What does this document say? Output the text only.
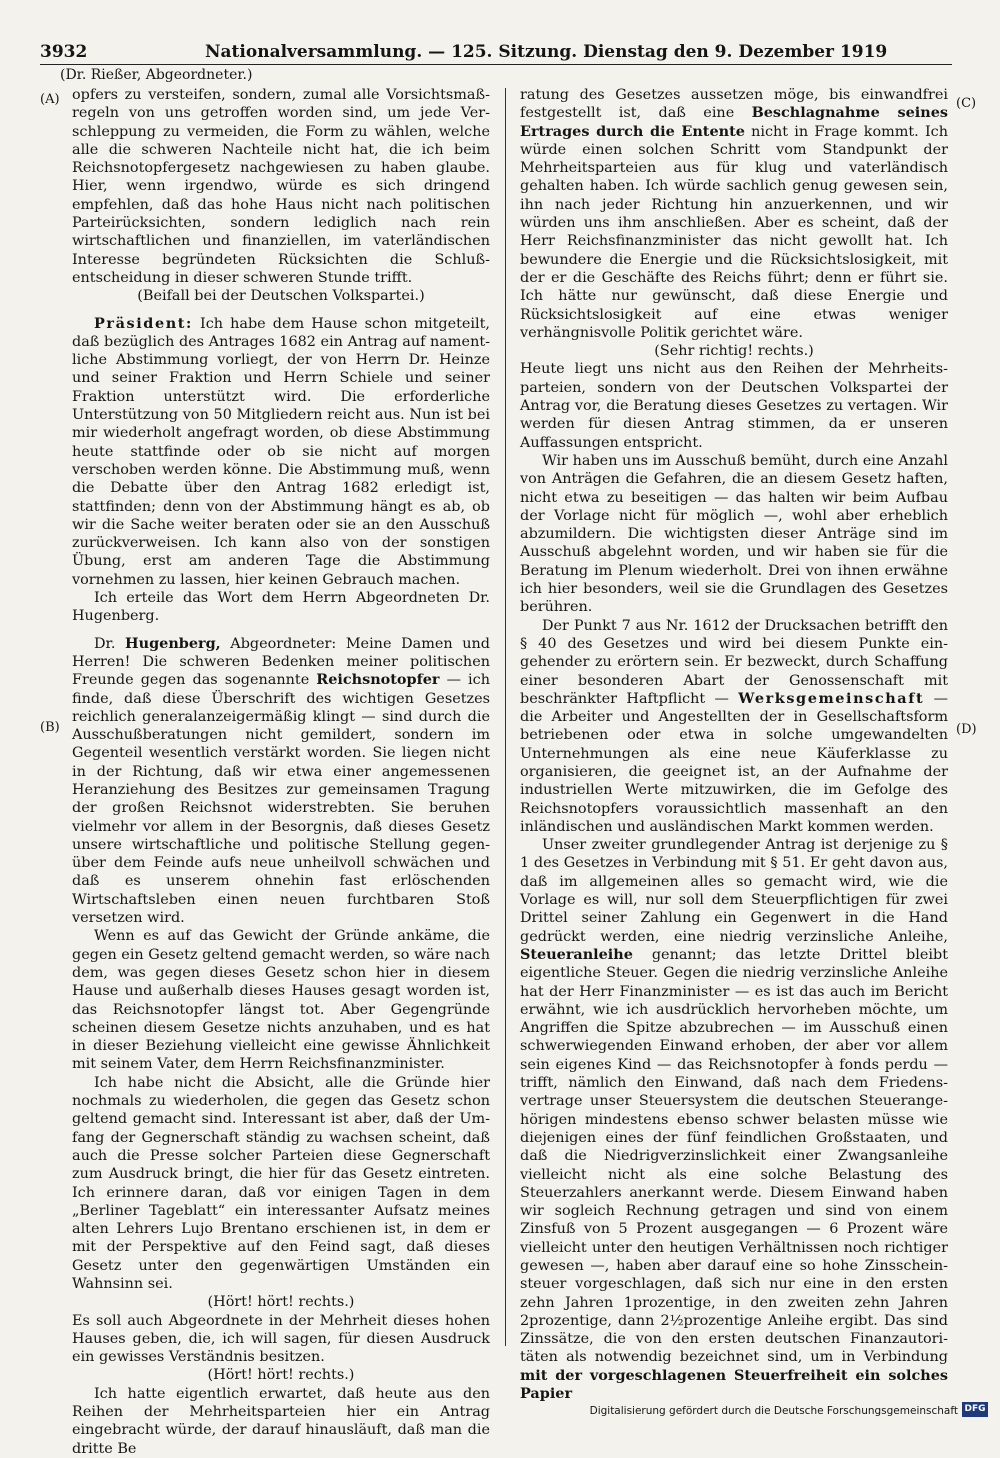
3932	Nationalversammlung. — 125. Sitzung. Dienstag den 9. Dezember 1919
(Dr. Rießer, Abgeordneter.)
(A)
(B)
(C)
(D)

opfers zu versteifen, sondern, zumal alle Vorsichtsmaßregeln von uns getroffen worden sind, um jede Verschleppung zu vermeiden, die Form zu wählen, welche alle die schweren Nachteile nicht hat, die ich beim Reichsnotopfergesetz nachgewiesen zu haben glaube. Hier, wenn irgendwo, würde es sich dringend empfehlen, daß das hohe Haus nicht nach politischen Parteirücksichten, sondern lediglich nach rein wirtschaftlichen und finanziellen, im vaterländischen Interesse begründeten Rücksichten die Schlußentscheidung in dieser schweren Stunde trifft.

(Beifall bei der Deutschen Volkspartei.)

Präsident: Ich habe dem Hause schon mitgeteilt, daß bezüglich des Antrages 1682 ein Antrag auf namentliche Abstimmung vorliegt, der von Herrn Dr. Heinze und seiner Fraktion und Herrn Schiele und seiner Fraktion unterstützt wird. Die erforderliche Unterstützung von 50 Mitgliedern reicht aus. Nun ist bei mir wiederholt angefragt worden, ob diese Abstimmung heute stattfinde oder ob sie nicht auf morgen verschoben werden könne. Die Abstimmung muß, wenn die Debatte über den Antrag 1682 erledigt ist, stattfinden; denn von der Abstimmung hängt es ab, ob wir die Sache weiter beraten oder sie an den Ausschuß zurückverweisen. Ich kann also von der sonstigen Übung, erst am anderen Tage die Abstimmung vornehmen zu lassen, hier keinen Gebrauch machen.

Ich erteile das Wort dem Herrn Abgeordneten Dr. Hugenberg.

Dr. Hugenberg, Abgeordneter: Meine Damen und Herren! Die schweren Bedenken meiner politischen Freunde gegen das sogenannte Reichsnotopfer — ich finde, daß diese Überschrift des wichtigen Gesetzes reichlich generalanzeigermäßig klingt — sind durch die Ausschußberatungen nicht gemildert, sondern im Gegenteil wesentlich verstärkt worden. Sie liegen nicht in der Richtung, daß wir etwa einer angemessenen Heranziehung des Besitzes zur gemeinsamen Tragung der großen Reichsnot widerstrebten. Sie beruhen vielmehr vor allem in der Besorgnis, daß dieses Gesetz unsere wirtschaftliche und politische Stellung gegenüber dem Feinde aufs neue unheilvoll schwächen und daß es unserem ohnehin fast erlöschenden Wirtschaftsleben einen neuen furchtbaren Stoß versetzen wird.

Wenn es auf das Gewicht der Gründe ankäme, die gegen ein Gesetz geltend gemacht werden, so wäre nach dem, was gegen dieses Gesetz schon hier in diesem Hause und außerhalb dieses Hauses gesagt worden ist, das Reichsnotopfer längst tot. Aber Gegengründe scheinen diesem Gesetze nichts anzuhaben, und es hat in dieser Beziehung vielleicht eine gewisse Ähnlichkeit mit seinem Vater, dem Herrn Reichsfinanzminister.

Ich habe nicht die Absicht, alle die Gründe hier nochmals zu wiederholen, die gegen das Gesetz schon geltend gemacht sind. Interessant ist aber, daß der Umfang der Gegnerschaft ständig zu wachsen scheint, daß auch die Presse solcher Parteien diese Gegnerschaft zum Ausdruck bringt, die hier für das Gesetz eintreten. Ich erinnere daran, daß vor einigen Tagen in dem „Berliner Tageblatt“ ein interessanter Aufsatz meines alten Lehrers Lujo Brentano erschienen ist, in dem er mit der Perspektive auf den Feind sagt, daß dieses Gesetz unter den gegenwärtigen Umständen ein Wahnsinn sei.

(Hört! hört! rechts.)

Es soll auch Abgeordnete in der Mehrheit dieses hohen Hauses geben, die, ich will sagen, für diesen Ausdruck ein gewisses Verständnis besitzen.

(Hört! hört! rechts.)

Ich hatte eigentlich erwartet, daß heute aus den Reihen der Mehrheitsparteien hier ein Antrag eingebracht würde, der darauf hinausläuft, daß man die dritte Be

ratung des Gesetzes aussetzen möge, bis einwandfrei festgestellt ist, daß eine Beschlagnahme seines Ertrages durch die Entente nicht in Frage kommt. Ich würde einen solchen Schritt vom Standpunkt der Mehrheitsparteien aus für klug und vaterländisch gehalten haben. Ich würde sachlich genug gewesen sein, ihn nach jeder Richtung hin anzuerkennen, und wir würden uns ihm anschließen. Aber es scheint, daß der Herr Reichsfinanzminister das nicht gewollt hat. Ich bewundere die Energie und die Rücksichtslosigkeit, mit der er die Geschäfte des Reichs führt; denn er führt sie. Ich hätte nur gewünscht, daß diese Energie und Rücksichtslosigkeit auf eine etwas weniger verhängnisvolle Politik gerichtet wäre.

(Sehr richtig! rechts.)

Heute liegt uns nicht aus den Reihen der Mehrheitsparteien, sondern von der Deutschen Volkspartei der Antrag vor, die Beratung dieses Gesetzes zu vertagen. Wir werden für diesen Antrag stimmen, da er unseren Auffassungen entspricht.

Wir haben uns im Ausschuß bemüht, durch eine Anzahl von Anträgen die Gefahren, die an diesem Gesetz haften, nicht etwa zu beseitigen — das halten wir beim Aufbau der Vorlage nicht für möglich —, wohl aber erheblich abzumildern. Die wichtigsten dieser Anträge sind im Ausschuß abgelehnt worden, und wir haben sie für die Beratung im Plenum wiederholt. Drei von ihnen erwähne ich hier besonders, weil sie die Grundlagen des Gesetzes berühren.

Der Punkt 7 aus Nr. 1612 der Drucksachen betrifft den § 40 des Gesetzes und wird bei diesem Punkte eingehender zu erörtern sein. Er bezweckt, durch Schaffung einer besonderen Abart der Genossenschaft mit beschränkter Haftpflicht — Werksgemeinschaft — die Arbeiter und Angestellten der in Gesellschaftsform betriebenen oder etwa in solche umgewandelten Unternehmungen als eine neue Käuferklasse zu organisieren, die geeignet ist, an der Aufnahme der industriellen Werte mitzuwirken, die im Gefolge des Reichsnotopfers voraussichtlich massenhaft an den inländischen und ausländischen Markt kommen werden.

Unser zweiter grundlegender Antrag ist derjenige zu § 1 des Gesetzes in Verbindung mit § 51. Er geht davon aus, daß im allgemeinen alles so gemacht wird, wie die Vorlage es will, nur soll dem Steuerpflichtigen für zwei Drittel seiner Zahlung ein Gegenwert in die Hand gedrückt werden, eine niedrig verzinsliche Anleihe, Steueranleihe genannt; das letzte Drittel bleibt eigentliche Steuer. Gegen die niedrig verzinsliche Anleihe hat der Herr Finanzminister — es ist das auch im Bericht erwähnt, wie ich ausdrücklich hervorheben möchte, um Angriffen die Spitze abzubrechen — im Ausschuß einen schwerwiegenden Einwand erhoben, der aber vor allem sein eigenes Kind — das Reichsnotopfer à fonds perdu — trifft, nämlich den Einwand, daß nach dem Friedensvertrage unser Steuersystem die deutschen Steuerangehörigen mindestens ebenso schwer belasten müsse wie diejenigen eines der fünf feindlichen Großstaaten, und daß die Niedrigverzinslichkeit einer Zwangsanleihe vielleicht nicht als eine solche Belastung des Steuerzahlers anerkannt werde. Diesem Einwand haben wir sogleich Rechnung getragen und sind von einem Zinsfuß von 5 Prozent ausgegangen — 6 Prozent wäre vielleicht unter den heutigen Verhältnissen noch richtiger gewesen —, haben aber darauf eine so hohe Zinsscheinsteuer vorgeschlagen, daß sich nur eine in den ersten zehn Jahren 1prozentige, in den zweiten zehn Jahren 2prozentige, dann 2½prozentige Anleihe ergibt. Das sind Zinssätze, die von den ersten deutschen Finanzautoritäten als notwendig bezeichnet sind, um in Verbindung mit der vorgeschlagenen Steuerfreiheit ein solches Papier

Digitalisierung gefördert durch die Deutsche Forschungsgemeinschaft DFG
